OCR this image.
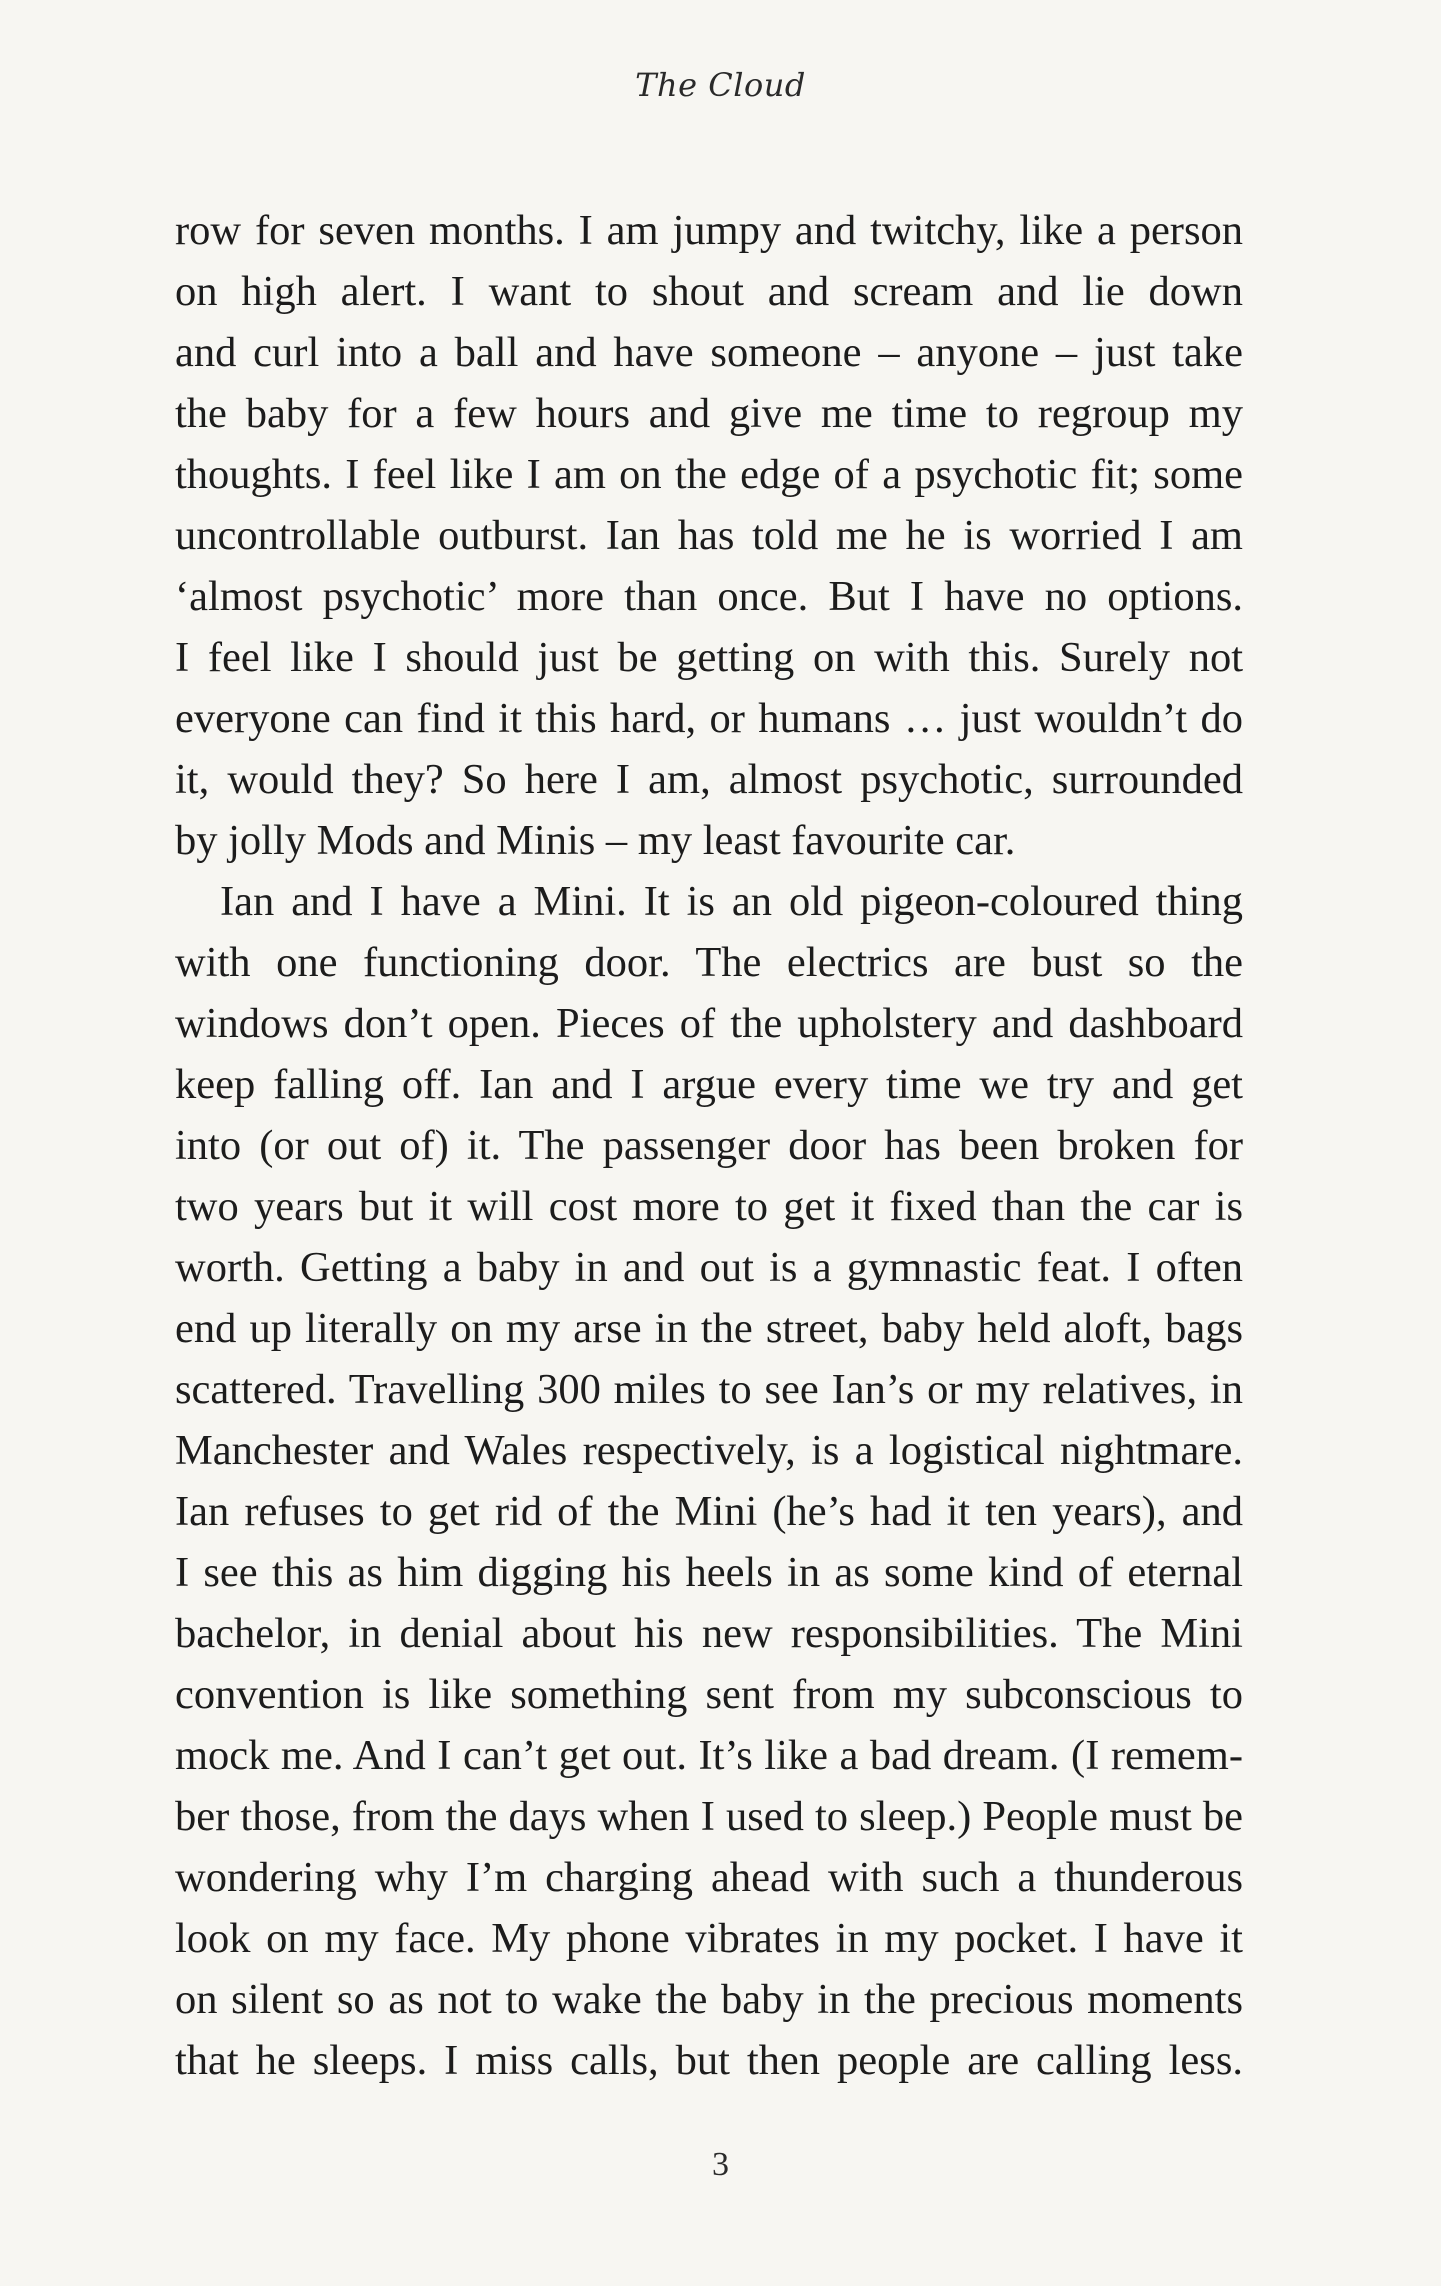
The Cloud
row for seven months. I am jumpy and twitchy, like a person
on high alert. I want to shout and scream and lie down
and curl into a ball and have someone – anyone – just take
the baby for a few hours and give me time to regroup my
thoughts. I feel like I am on the edge of a psychotic fit; some
uncontrollable outburst. Ian has told me he is worried I am
‘almost psychotic’ more than once. But I have no options.
I feel like I should just be getting on with this. Surely not
everyone can find it this hard, or humans … just wouldn’t do
it, would they? So here I am, almost psychotic, surrounded
by jolly Mods and Minis – my least favourite car.
Ian and I have a Mini. It is an old pigeon-coloured thing
with one functioning door. The electrics are bust so the
windows don’t open. Pieces of the upholstery and dashboard
keep falling off. Ian and I argue every time we try and get
into (or out of) it. The passenger door has been broken for
two years but it will cost more to get it fixed than the car is
worth. Getting a baby in and out is a gymnastic feat. I often
end up literally on my arse in the street, baby held aloft, bags
scattered. Travelling 300 miles to see Ian’s or my relatives, in
Manchester and Wales respectively, is a logistical nightmare.
Ian refuses to get rid of the Mini (he’s had it ten years), and
I see this as him digging his heels in as some kind of eternal
bachelor, in denial about his new responsibilities. The Mini
convention is like something sent from my subconscious to
mock me. And I can’t get out. It’s like a bad dream. (I remem-
ber those, from the days when I used to sleep.) People must be
wondering why I’m charging ahead with such a thunderous
look on my face. My phone vibrates in my pocket. I have it
on silent so as not to wake the baby in the precious moments
that he sleeps. I miss calls, but then people are calling less.
3
